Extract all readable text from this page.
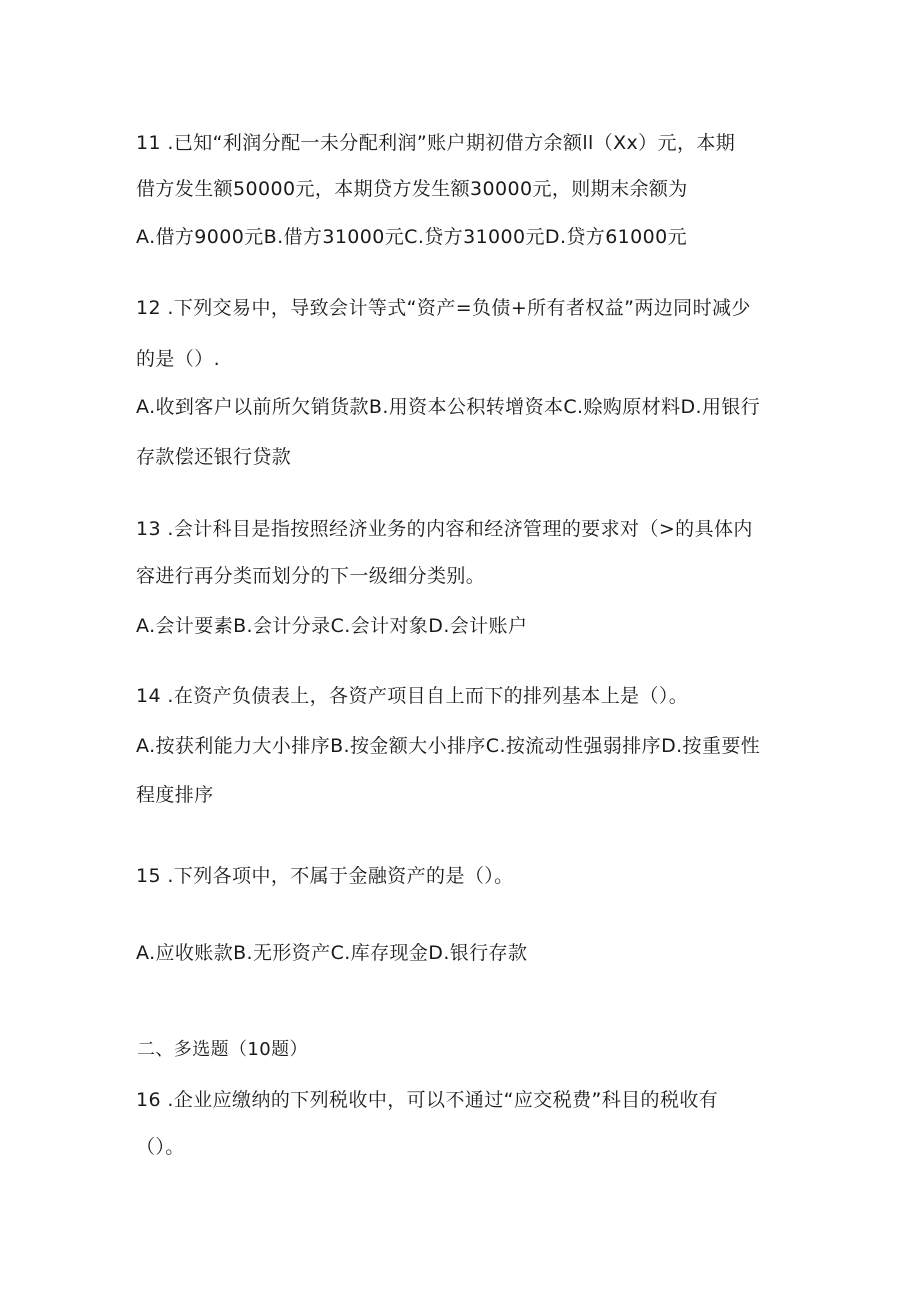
11 .已知“利润分配一未分配利润”账户期初借方余额ll（Xx）元，本期
借方发生额50000元，本期贷方发生额30000元，则期末余额为
A.借方9000元B.借方31000元C.贷方31000元D.贷方61000元
12 .下列交易中，导致会计等式“资产=负债+所有者权益”两边同时减少
的是（）.
A.收到客户以前所欠销货款B.用资本公积转增资本C.赊购原材料D.用银行
存款偿还银行贷款
13 .会计科目是指按照经济业务的内容和经济管理的要求对（>的具体内
容进行再分类而划分的下一级细分类别。
A.会计要素B.会计分录C.会计对象D.会计账户
14 .在资产负债表上，各资产项目自上而下的排列基本上是（）。
A.按获利能力大小排序B.按金额大小排序C.按流动性强弱排序D.按重要性
程度排序
15 .下列各项中，不属于金融资产的是（）。
A.应收账款B.无形资产C.库存现金D.银行存款
二、多选题（10题）
16 .企业应缴纳的下列税收中，可以不通过“应交税费”科目的税收有
（）。
